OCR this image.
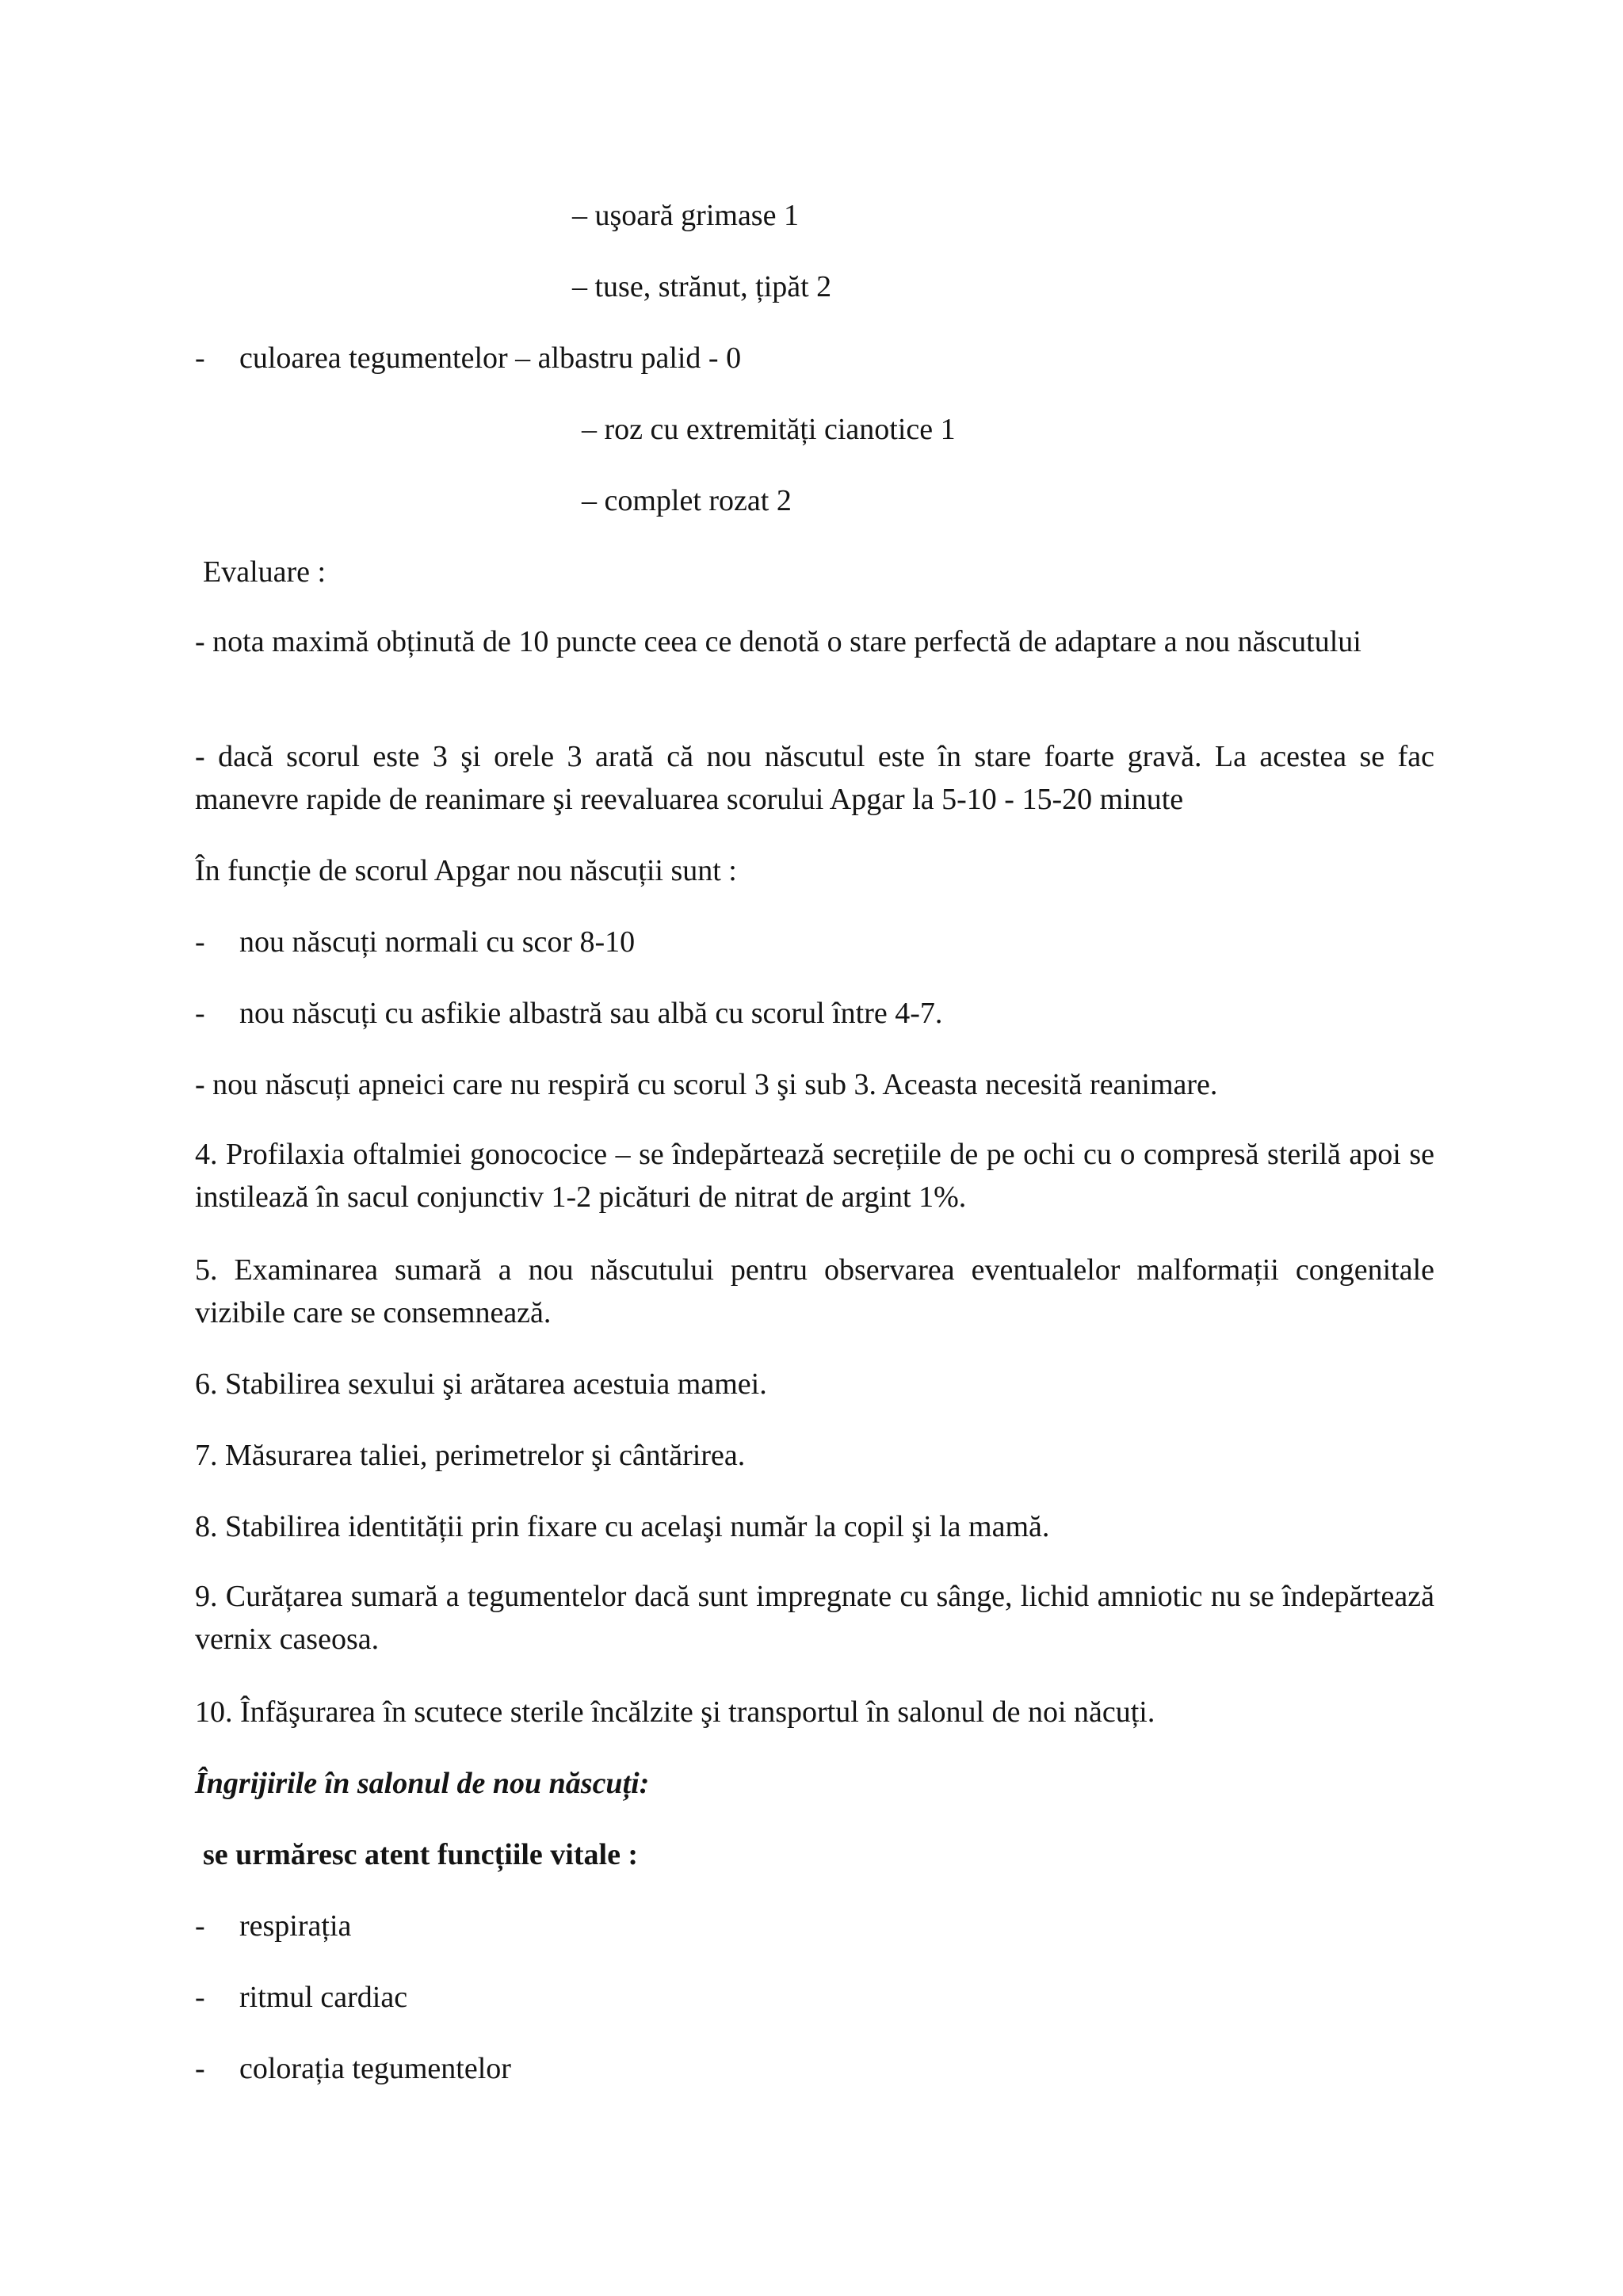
– uşoară grimase 1
– tuse, strănut, țipăt 2
- culoarea tegumentelor – albastru palid - 0
– roz cu extremități cianotice 1
– complet rozat 2
Evaluare :
- nota maximă obținută de 10 puncte ceea ce denotă o stare perfectă de adaptare a nou născutului
- dacă scorul este 3 şi orele 3 arată că nou născutul este în stare foarte gravă. La acestea se fac manevre rapide de reanimare şi reevaluarea scorului Apgar la 5-10 - 15-20 minute
În funcție de scorul Apgar nou născuții sunt :
- nou născuți normali cu scor 8-10
- nou născuți cu asfikie albastră sau albă cu scorul între 4-7.
- nou născuți apneici care nu respiră cu scorul 3 şi sub 3. Aceasta necesită reanimare.
4. Profilaxia oftalmiei gonococice – se îndepărtează secrețiile de pe ochi cu o compresă sterilă apoi se instilează în sacul conjunctiv 1-2 picături de nitrat de argint 1%.
5. Examinarea sumară a nou născutului pentru observarea eventualelor malformații congenitale vizibile care se consemnează.
6. Stabilirea sexului şi arătarea acestuia mamei.
7. Măsurarea taliei, perimetrelor şi cântărirea.
8. Stabilirea identității prin fixare cu acelaşi număr la copil şi la mamă.
9. Curățarea sumară a tegumentelor dacă sunt impregnate cu sânge, lichid amniotic nu se îndepărtează vernix caseosa.
10. Înfăşurarea în scutece sterile încălzite şi transportul în salonul de noi năcuți.
Îngrijirile în salonul de nou născuți:
se urmăresc atent funcțiile vitale :
- respirația
- ritmul cardiac
- colorația tegumentelor
